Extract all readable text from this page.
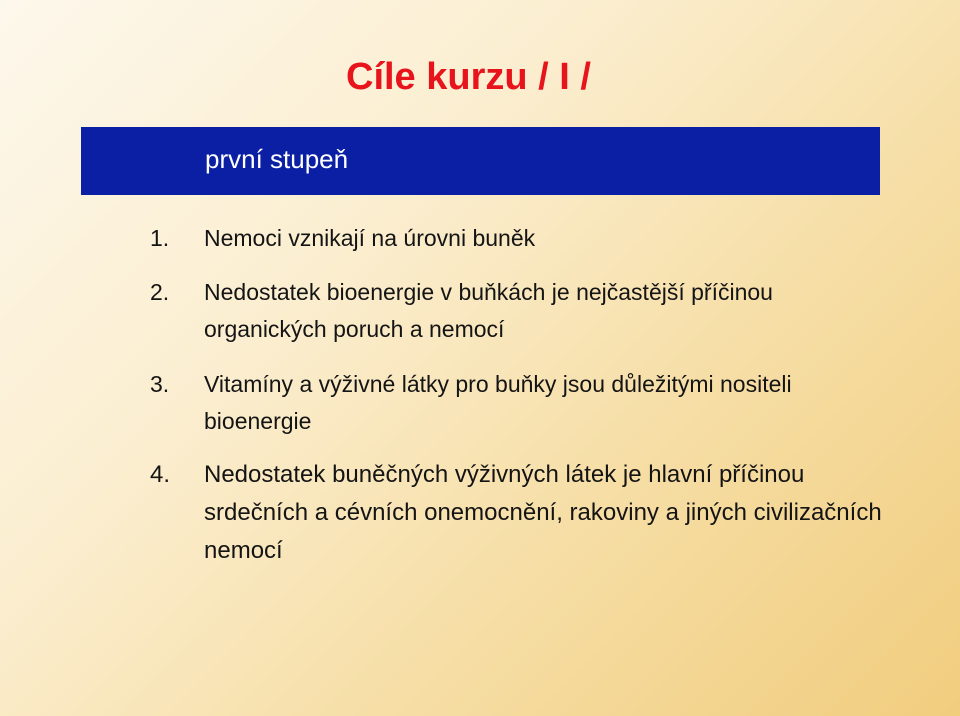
Cíle kurzu / I /
první stupeň
1. Nemoci vznikají na úrovni buněk
2. Nedostatek bioenergie v buňkách je nejčastější příčinou organických poruch a nemocí
3. Vitamíny a výživné látky pro buňky jsou důležitými nositeli bioenergie
4. Nedostatek buněčných výživných látek je hlavní příčinou srdečních a cévních onemocnění, rakoviny a jiných civilizačních nemocí
